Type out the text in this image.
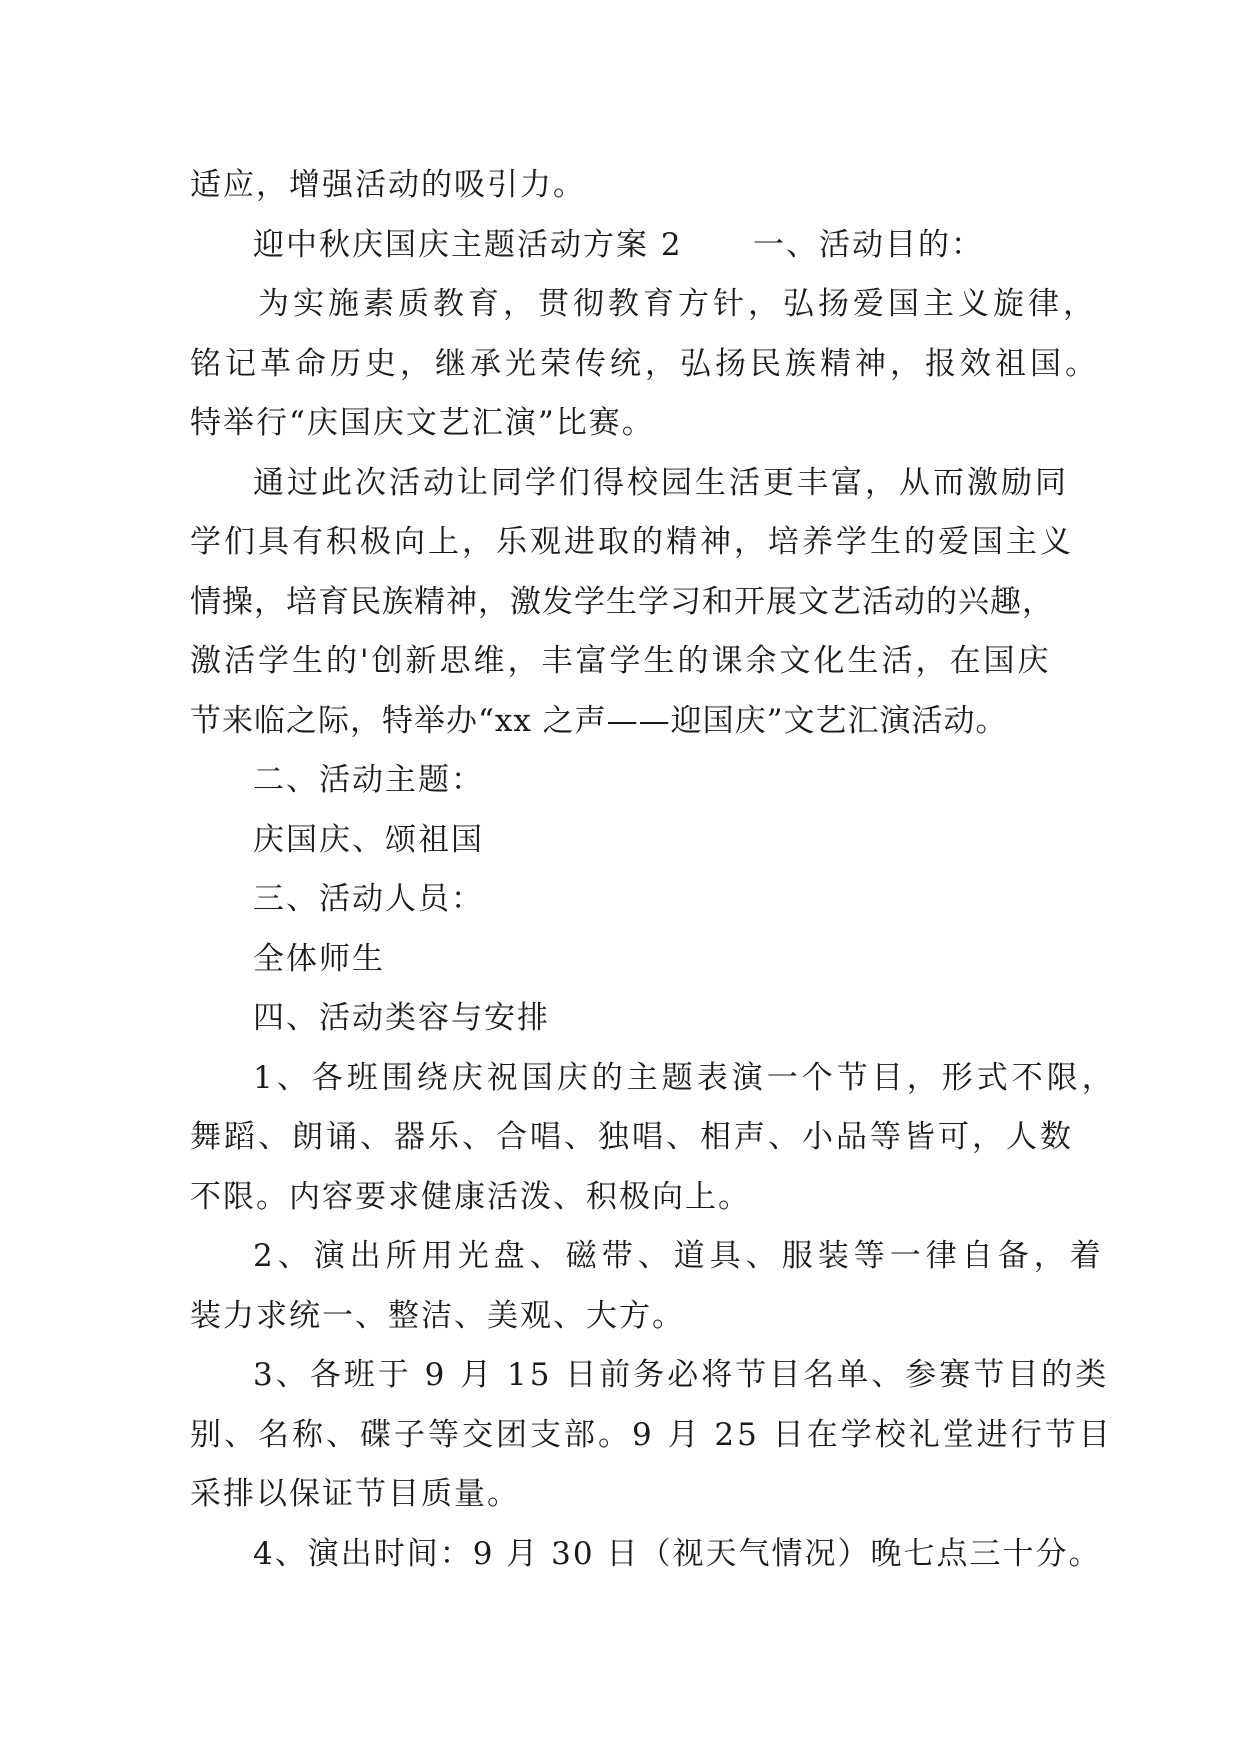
适应，增强活动的吸引力。
迎中秋庆国庆主题活动方案 2 一、活动目的：
为实施素质教育，贯彻教育方针，弘扬爱国主义旋律，
铭记革命历史，继承光荣传统，弘扬民族精神，报效祖国。
特举行“庆国庆文艺汇演”比赛。
通过此次活动让同学们得校园生活更丰富，从而激励同
学们具有积极向上，乐观进取的精神，培养学生的爱国主义
情操，培育民族精神，激发学生学习和开展文艺活动的兴趣，
激活学生的'创新思维，丰富学生的课余文化生活，在国庆
节来临之际，特举办“xx 之声——迎国庆”文艺汇演活动。
二、活动主题：
庆国庆、颂祖国
三、活动人员：
全体师生
四、活动类容与安排
1、各班围绕庆祝国庆的主题表演一个节目，形式不限，
舞蹈、朗诵、器乐、合唱、独唱、相声、小品等皆可，人数
不限。内容要求健康活泼、积极向上。
2、演出所用光盘、磁带、道具、服装等一律自备，着
装力求统一、整洁、美观、大方。
3、各班于 9 月 15 日前务必将节目名单、参赛节目的类
别、名称、碟子等交团支部。9 月 25 日在学校礼堂进行节目
采排以保证节目质量。
4、演出时间：9 月 30 日（视天气情况）晚七点三十分。
